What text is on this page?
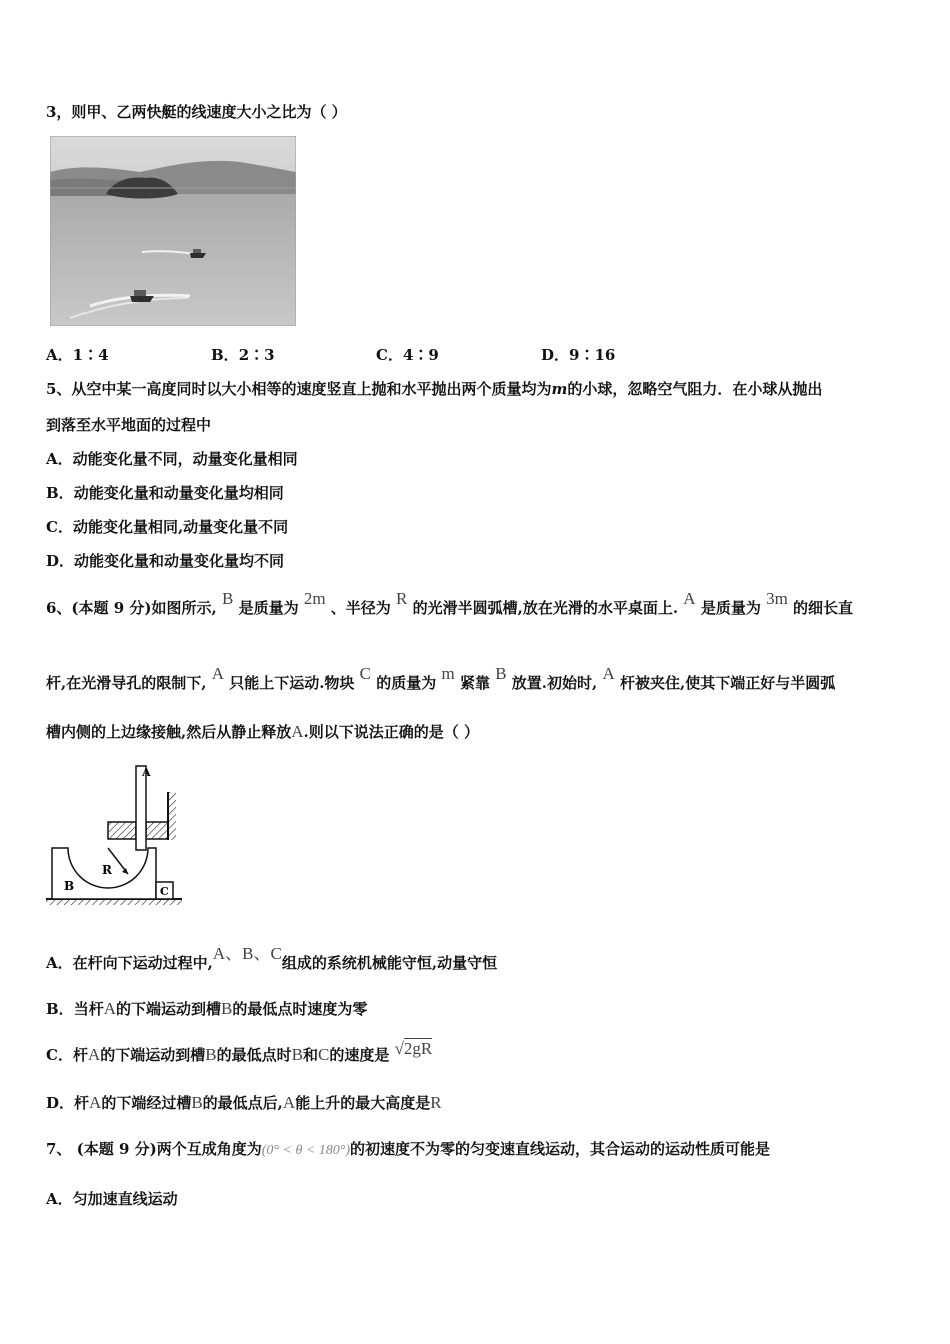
3，则甲、乙两快艇的线速度大小之比为（ ）
A．1∶4	B．2∶3	C．4∶9	D．9∶16
5、从空中某一高度同时以大小相等的速度竖直上抛和水平抛出两个质量均为m的小球，忽略空气阻力．在小球从抛出
到落至水平地面的过程中
A．动能变化量不同，动量变化量相同
B．动能变化量和动量变化量均相同
C．动能变化量相同,动量变化量不同
D．动能变化量和动量变化量均不同
6、(本题 9 分)如图所示, B 是质量为 2m 、半径为 R 的光滑半圆弧槽,放在光滑的水平桌面上. A 是质量为 3m 的细长直
杆,在光滑导孔的限制下, A 只能上下运动.物块 C 的质量为 m 紧靠 B 放置.初始时, A 杆被夹住,使其下端正好与半圆弧
槽内侧的上边缘接触,然后从静止释放A.则以下说法正确的是（ ）
A
R
B	C
A．在杆向下运动过程中,A、B、C组成的系统机械能守恒,动量守恒
B．当杆A的下端运动到槽B的最低点时速度为零
C．杆A的下端运动到槽B的最低点时B和C的速度是 √2gR
D．杆A的下端经过槽B的最低点后,A能上升的最大高度是R
7、 (本题 9 分)两个互成角度为(0° < θ < 180°)的初速度不为零的匀变速直线运动，其合运动的运动性质可能是
A．匀加速直线运动
